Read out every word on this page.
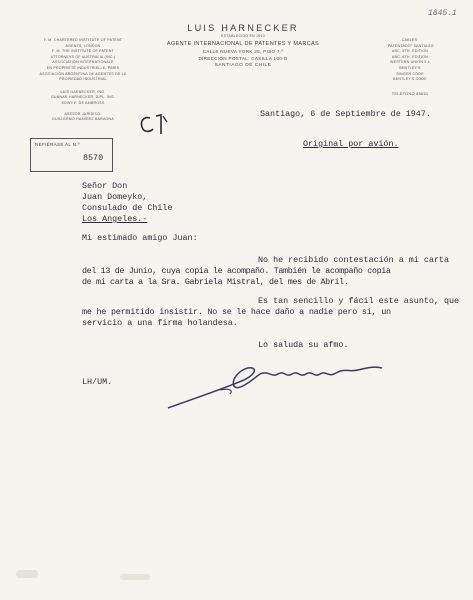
1845.1
LUIS HARNECKER
ESTABLECIDO EN 1910
AGENTE INTERNACIONAL DE PATENTES Y MARCAS
CALLE NUEVA YORK 25, PISO 7.º
DIRECCIÓN POSTAL: CASILLA 160-D
SANTIAGO DE CHILE
F. M. CHARTERED INSTITUTE OF PATENT
AGENTS, LONDON
F. M. THE INSTITUTE OF PATENT
ATTORNEYS OF AUSTRALIA (INC.)
ASSOCIATION INTERNATIONALE
EN PROPRIÉTÉ INDUSTRIELLE, PARIS
ASOCIACIÓN ARGENTINA DE AGENTES DE LA
PROPIEDAD INDUSTRIAL
LUIS HARNECKER, ING.
GUNNAR HARNECKER, DIPL. ING.
EDWY F. DE AMBROSS
ASESOR JURÍDICO:
GUILLERMO RAMÍREZ BARAONA
CABLES:
"PATENTADO" SANTIAGO
ABC. 5TH. EDITION
ABC. 6TH. EDITION
WESTERN UNION 5 L
BENTLEY'S
SINGER CODE
BENTLEY'S CODE
TELÉFONO 85651
REFIÉRASE AL N.º
8570
Santiago, 6 de Septiembre de 1947.
Original por avión.
Señor Don
Juan Domeyko,
Consulado de Chile
Los Angeles.-
Mi estimado amigo Juan:
No he recibido contestación a mi carta
del 13 de Junio, cuya copia le acompaño. También le acompaño copia
de mi carta a la Sra. Gabriela Mistral, del mes de Abril.
Es tan sencillo y fácil este asunto, que
me he permitido insistir. No se le hace daño a nadie pero si, un
servicio a una firma holandesa.
Lo saluda su afmo.
LH/UM.
